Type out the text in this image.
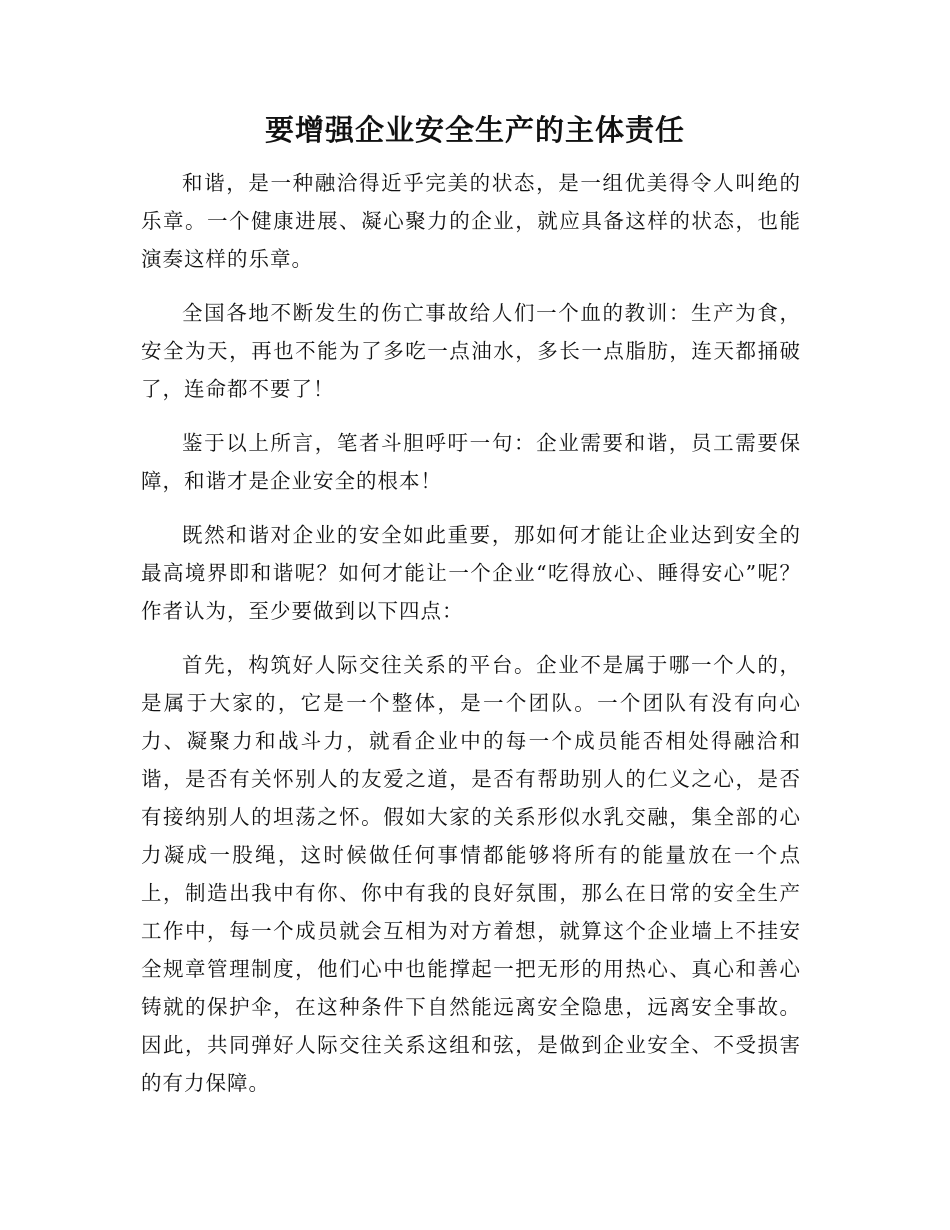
要增强企业安全生产的主体责任

和谐，是一种融洽得近乎完美的状态，是一组优美得令人叫绝的乐章。一个健康进展、凝心聚力的企业，就应具备这样的状态，也能演奏这样的乐章。

全国各地不断发生的伤亡事故给人们一个血的教训：生产为食，安全为天，再也不能为了多吃一点油水，多长一点脂肪，连天都捅破了，连命都不要了！

鉴于以上所言，笔者斗胆呼吁一句：企业需要和谐，员工需要保障，和谐才是企业安全的根本！

既然和谐对企业的安全如此重要，那如何才能让企业达到安全的最高境界即和谐呢？如何才能让一个企业“吃得放心、睡得安心”呢？作者认为，至少要做到以下四点：

首先，构筑好人际交往关系的平台。企业不是属于哪一个人的，是属于大家的，它是一个整体，是一个团队。一个团队有没有向心力、凝聚力和战斗力，就看企业中的每一个成员能否相处得融洽和谐，是否有关怀别人的友爱之道，是否有帮助别人的仁义之心，是否有接纳别人的坦荡之怀。假如大家的关系形似水乳交融，集全部的心力凝成一股绳，这时候做任何事情都能够将所有的能量放在一个点上，制造出我中有你、你中有我的良好氛围，那么在日常的安全生产工作中，每一个成员就会互相为对方着想，就算这个企业墙上不挂安全规章管理制度，他们心中也能撑起一把无形的用热心、真心和善心铸就的保护伞，在这种条件下自然能远离安全隐患，远离安全事故。因此，共同弹好人际交往关系这组和弦，是做到企业安全、不受损害的有力保障。
